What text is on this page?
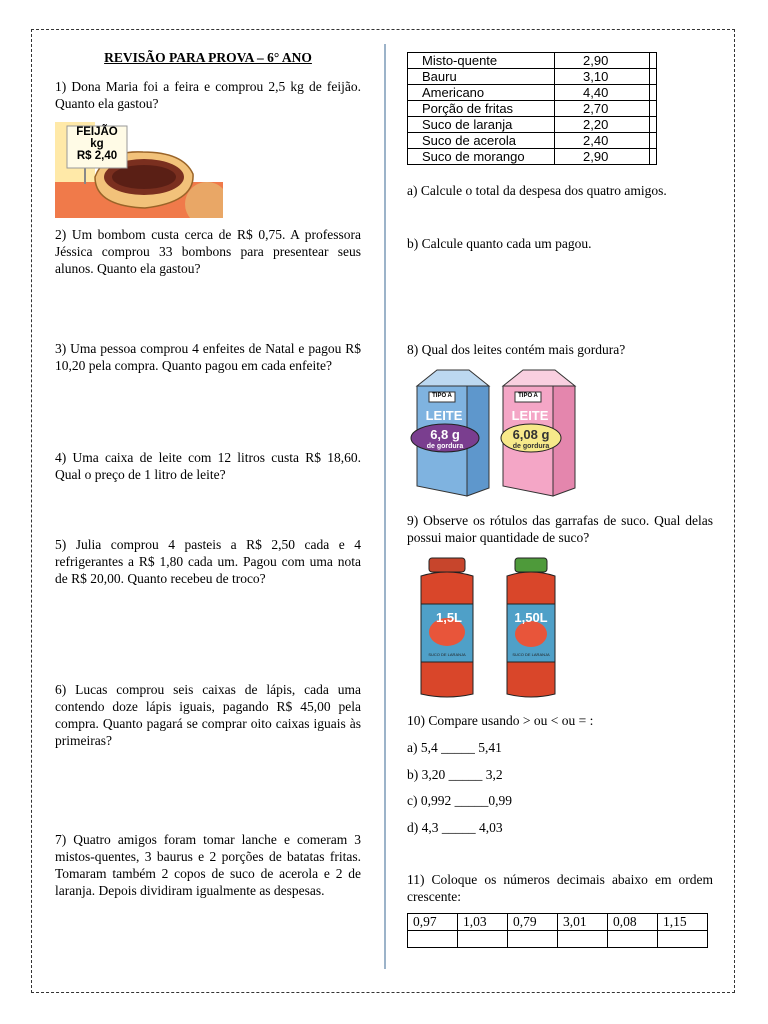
REVISÃO PARA PROVA – 6° ANO

1) Dona Maria foi a feira e comprou 2,5 kg de feijão. Quanto ela gastou?

FEIJÃO
kg
R$ 2,40

2) Um bombom custa cerca de R$ 0,75. A professora Jéssica comprou 33 bombons para presentear seus alunos. Quanto ela gastou?

3) Uma pessoa comprou 4 enfeites de Natal e pagou R$ 10,20 pela compra. Quanto pagou em cada enfeite?

4) Uma caixa de leite com 12 litros custa R$ 18,60. Qual o preço de 1 litro de leite?

5) Julia comprou 4 pasteis a R$ 2,50 cada e 4 refrigerantes a R$ 1,80 cada um. Pagou com uma nota de R$ 20,00. Quanto recebeu de troco?

6) Lucas comprou seis caixas de lápis, cada uma contendo doze lápis iguais, pagando R$ 45,00 pela compra. Quanto pagará se comprar oito caixas iguais às primeiras?

7) Quatro amigos foram tomar lanche e comeram 3 mistos-quentes, 3 baurus e 2 porções de batatas fritas. Tomaram também 2 copos de suco de acerola e 2 de laranja. Depois dividiram igualmente as despesas.

Misto-quente	2,90	
Bauru	3,10	
Americano	4,40	
Porção de fritas	2,70	
Suco de laranja	2,20	
Suco de acerola	2,40	
Suco de morango	2,90	

a) Calcule o total da despesa dos quatro amigos.

b) Calcule quanto cada um pagou.

8) Qual dos leites contém mais gordura?

TIPO A
LEITE
6,8 g
de gordura
TIPO A
LEITE
6,08 g
de gordura

9) Observe os rótulos das garrafas de suco. Qual delas possui maior quantidade de suco?

1,5L
SUCO DE LARANJA
1,50L
SUCO DE LARANJA

10) Compare usando > ou < ou = :

a) 5,4 _____ 5,41

b) 3,20 _____ 3,2

c) 0,992 _____0,99

d) 4,3 _____ 4,03

11) Coloque os números decimais abaixo em ordem crescente:

0,97	1,03	0,79	3,01	0,08	1,15
